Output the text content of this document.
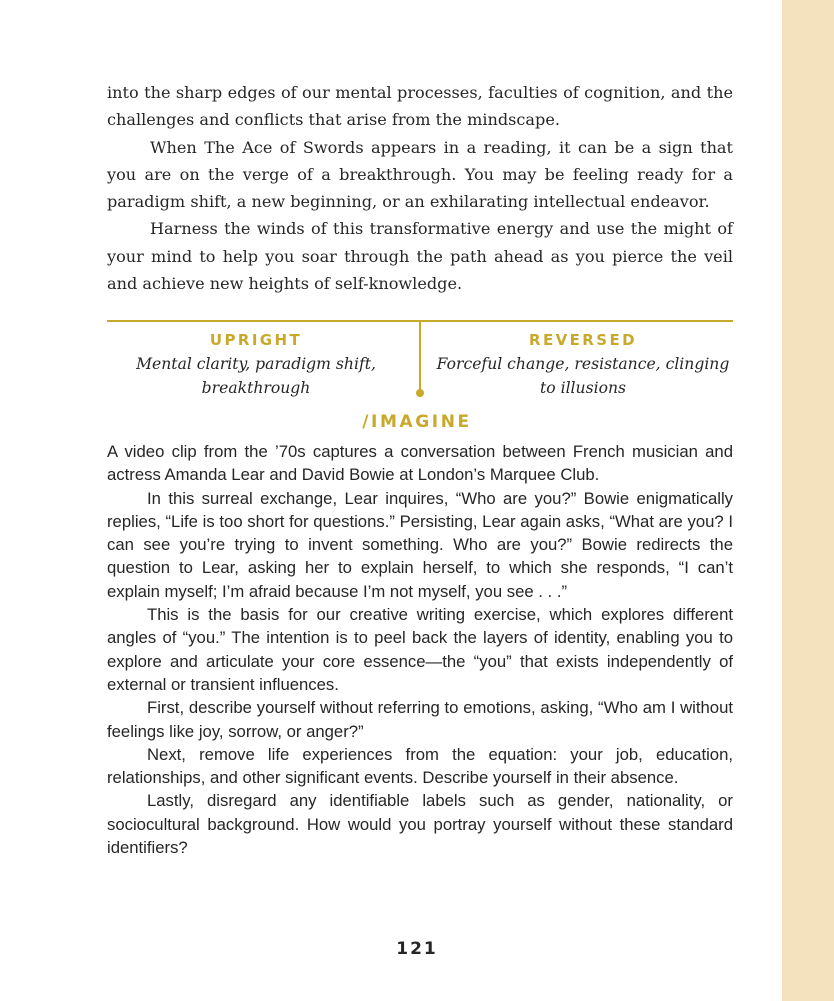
into the sharp edges of our mental processes, faculties of cognition, and the challenges and conflicts that arise from the mindscape.

When The Ace of Swords appears in a reading, it can be a sign that you are on the verge of a breakthrough. You may be feeling ready for a paradigm shift, a new beginning, or an exhilarating intellectual endeavor.

Harness the winds of this transformative energy and use the might of your mind to help you soar through the path ahead as you pierce the veil and achieve new heights of self-knowledge.

UPRIGHT
Mental clarity, paradigm shift, breakthrough
REVERSED
Forceful change, resistance, clinging to illusions
/IMAGINE

A video clip from the ’70s captures a conversation between French musician and actress Amanda Lear and David Bowie at London’s Marquee Club.

In this surreal exchange, Lear inquires, “Who are you?” Bowie enigmatically replies, “Life is too short for questions.” Persisting, Lear again asks, “What are you? I can see you’re trying to invent something. Who are you?” Bowie redirects the question to Lear, asking her to explain herself, to which she responds, “I can’t explain myself; I’m afraid because I’m not myself, you see . . .”

This is the basis for our creative writing exercise, which explores different angles of “you.” The intention is to peel back the layers of identity, enabling you to explore and articulate your core essence—the “you” that exists independently of external or transient influences.

First, describe yourself without referring to emotions, asking, “Who am I without feelings like joy, sorrow, or anger?”

Next, remove life experiences from the equation: your job, education, relationships, and other significant events. Describe yourself in their absence.

Lastly, disregard any identifiable labels such as gender, nationality, or sociocultural background. How would you portray yourself without these standard identifiers?

121
